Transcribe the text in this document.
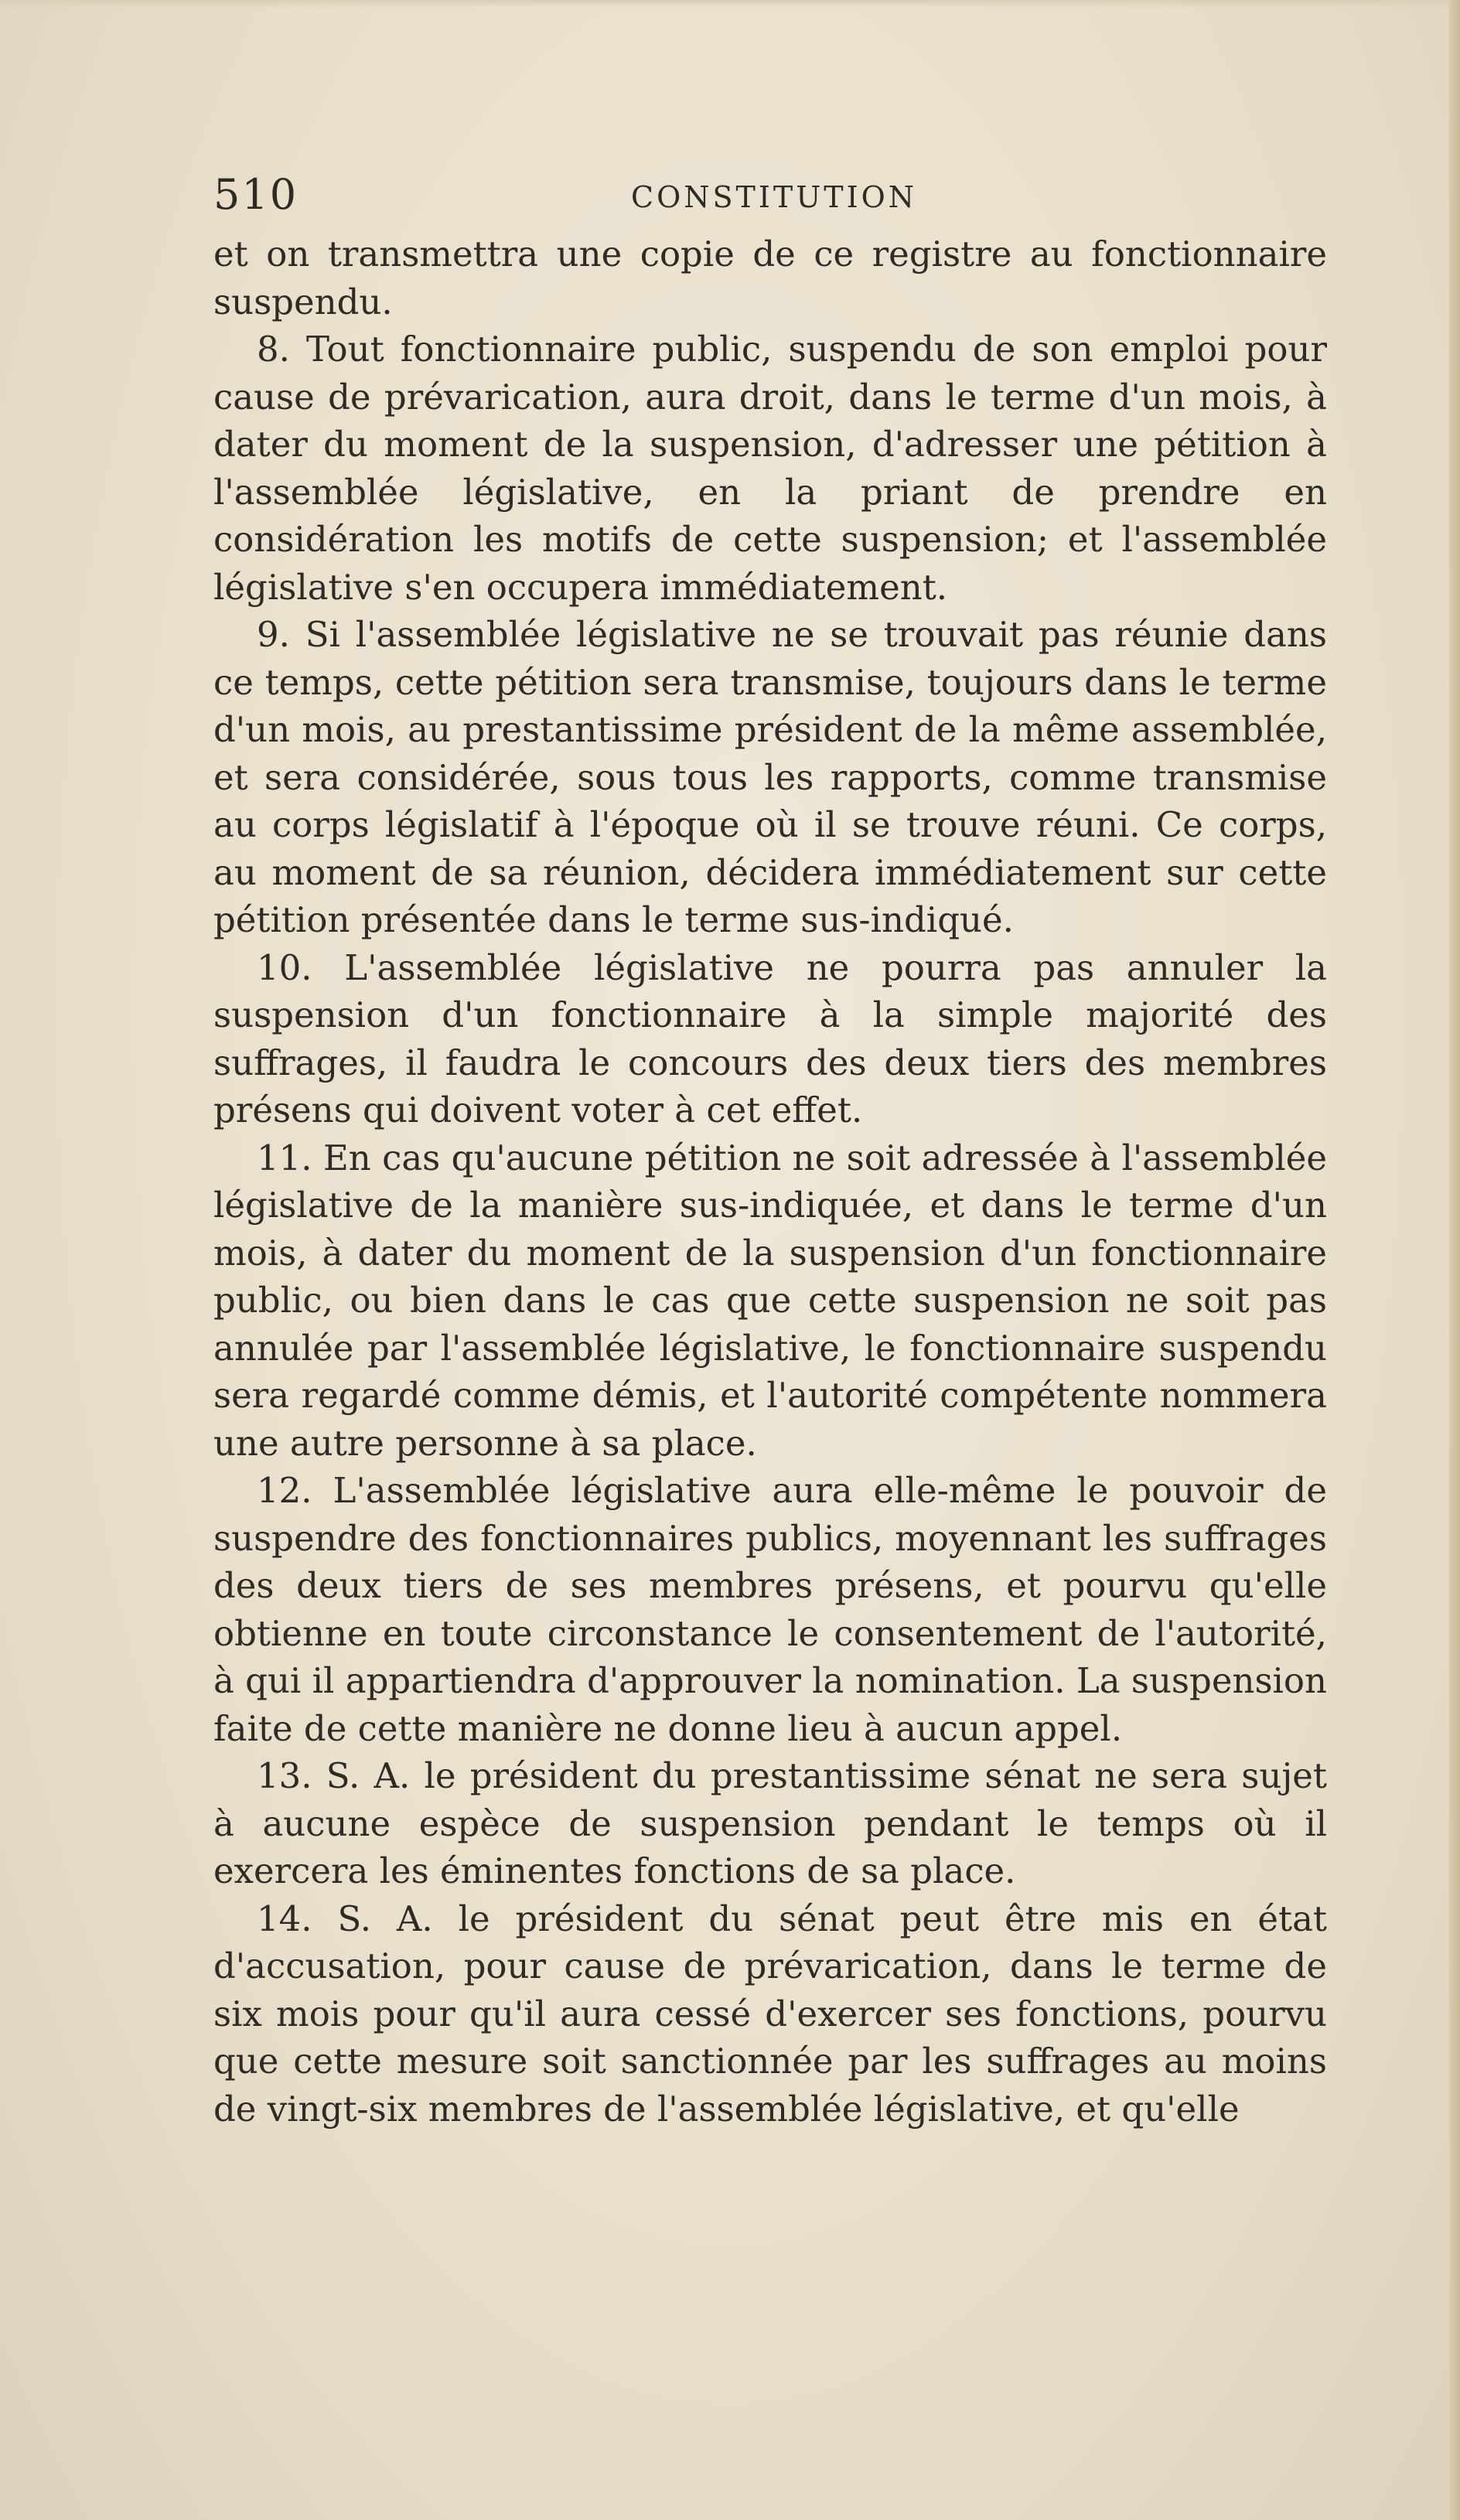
510	CONSTITUTION

et on transmettra une copie de ce registre au fonctionnaire suspendu.

8. Tout fonctionnaire public, suspendu de son emploi pour cause de prévarication, aura droit, dans le terme d'un mois, à dater du moment de la suspension, d'adresser une pétition à l'assemblée législative, en la priant de prendre en considération les motifs de cette suspension; et l'assemblée législative s'en occupera immédiatement.

9. Si l'assemblée législative ne se trouvait pas réunie dans ce temps, cette pétition sera transmise, toujours dans le terme d'un mois, au prestantissime président de la même assemblée, et sera considérée, sous tous les rapports, comme transmise au corps législatif à l'époque où il se trouve réuni. Ce corps, au moment de sa réunion, décidera immédiatement sur cette pétition présentée dans le terme sus-indiqué.

10. L'assemblée législative ne pourra pas annuler la suspension d'un fonctionnaire à la simple majorité des suffrages, il faudra le concours des deux tiers des membres présens qui doivent voter à cet effet.

11. En cas qu'aucune pétition ne soit adressée à l'assemblée législative de la manière sus-indiquée, et dans le terme d'un mois, à dater du moment de la suspension d'un fonctionnaire public, ou bien dans le cas que cette suspension ne soit pas annulée par l'assemblée législative, le fonctionnaire suspendu sera regardé comme démis, et l'autorité compétente nommera une autre personne à sa place.

12. L'assemblée législative aura elle-même le pouvoir de suspendre des fonctionnaires publics, moyennant les suffrages des deux tiers de ses membres présens, et pourvu qu'elle obtienne en toute circonstance le consentement de l'autorité, à qui il appartiendra d'approuver la nomination. La suspension faite de cette manière ne donne lieu à aucun appel.

13. S. A. le président du prestantissime sénat ne sera sujet à aucune espèce de suspension pendant le temps où il exercera les éminentes fonctions de sa place.

14. S. A. le président du sénat peut être mis en état d'accusation, pour cause de prévarication, dans le terme de six mois pour qu'il aura cessé d'exercer ses fonctions, pourvu que cette mesure soit sanctionnée par les suffrages au moins de vingt-six membres de l'assemblée législative, et qu'elle
